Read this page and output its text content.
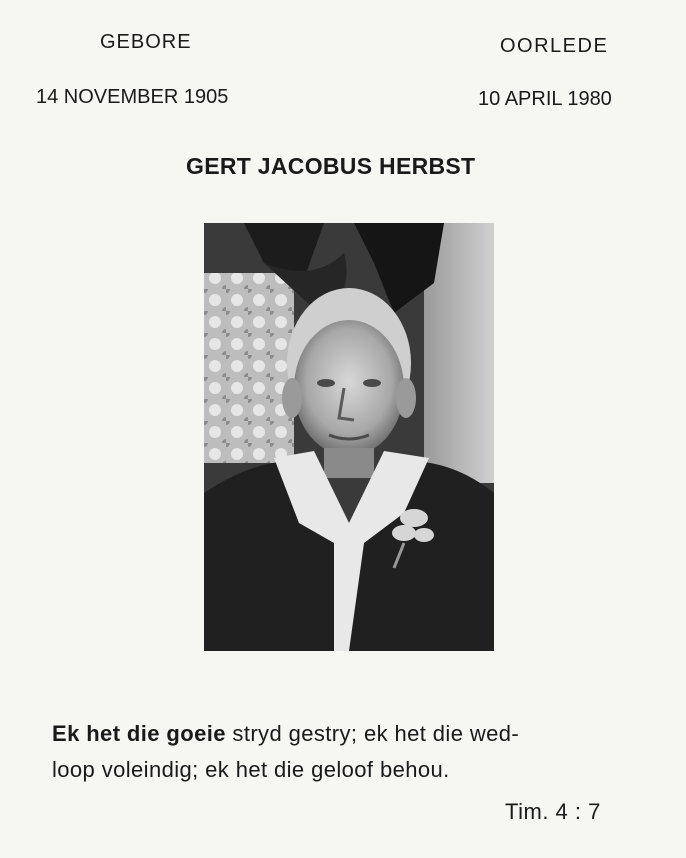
GEBORE	OORLEDE
14 NOVEMBER 1905	10 APRIL 1980
GERT JACOBUS HERBST
Ek het die goeie stryd gestry; ek het die wed-
loop voleindig; ek het die geloof behou.
Tim. 4 : 7
